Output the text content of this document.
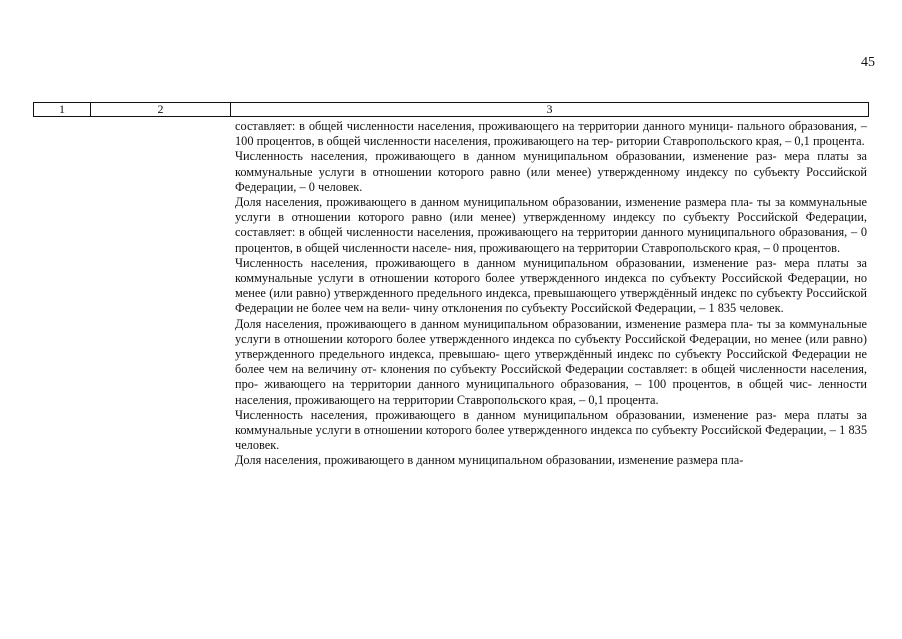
45
1	2	3

составляет: в общей численности населения, проживающего на территории данного муници- пального образования, – 100 процентов, в общей численности населения, проживающего на тер- ритории Ставропольского края, – 0,1 процента.

Численность населения, проживающего в данном муниципальном образовании, изменение раз- мера платы за коммунальные услуги в отношении которого равно (или менее) утвержденному индексу по субъекту Российской Федерации, – 0 человек.

Доля населения, проживающего в данном муниципальном образовании, изменение размера пла- ты за коммунальные услуги в отношении которого равно (или менее) утвержденному индексу по субъекту Российской Федерации, составляет: в общей численности населения, проживающего на территории данного муниципального образования, – 0 процентов, в общей численности населе- ния, проживающего на территории Ставропольского края, – 0 процентов.

Численность населения, проживающего в данном муниципальном образовании, изменение раз- мера платы за коммунальные услуги в отношении которого более утвержденного индекса по субъекту Российской Федерации, но менее (или равно) утвержденного предельного индекса, превышающего утверждённый индекс по субъекту Российской Федерации не более чем на вели- чину отклонения по субъекту Российской Федерации, – 1 835 человек.

Доля населения, проживающего в данном муниципальном образовании, изменение размера пла- ты за коммунальные услуги в отношении которого более утвержденного индекса по субъекту Российской Федерации, но менее (или равно) утвержденного предельного индекса, превышаю- щего утверждённый индекс по субъекту Российской Федерации не более чем на величину от- клонения по субъекту Российской Федерации составляет: в общей численности населения, про- живающего на территории данного муниципального образования, – 100 процентов, в общей чис- ленности населения, проживающего на территории Ставропольского края, – 0,1 процента.

Численность населения, проживающего в данном муниципальном образовании, изменение раз- мера платы за коммунальные услуги в отношении которого более утвержденного индекса по субъекту Российской Федерации, – 1 835 человек.

Доля населения, проживающего в данном муниципальном образовании, изменение размера пла-
